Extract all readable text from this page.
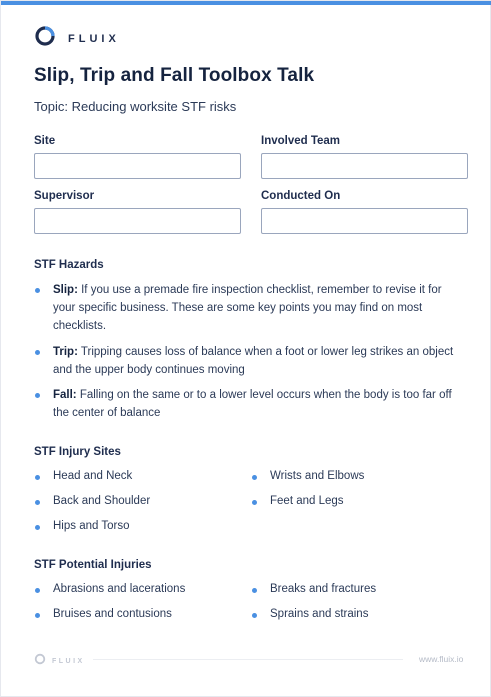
FLUIX
Slip, Trip and Fall Toolbox Talk
Topic: Reducing worksite STF risks
Site	Involved Team
Supervisor	Conducted On
STF Hazards
Slip: If you use a premade fire inspection checklist, remember to revise it for your specific business. These are some key points you may find on most checklists.
Trip: Tripping causes loss of balance when a foot or lower leg strikes an object and the upper body continues moving
Fall: Falling on the same or to a lower level occurs when the body is too far off the center of balance
STF Injury Sites
Head and Neck
Back and Shoulder
Hips and Torso
Wrists and Elbows
Feet and Legs
STF Potential Injuries
Abrasions and lacerations
Bruises and contusions
Breaks and fractures
Sprains and strains
FLUIX	www.fluix.io
